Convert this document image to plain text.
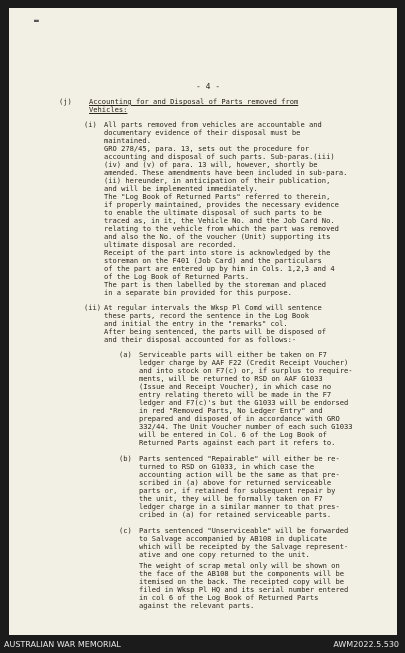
▬
- 4 -
(j) Accounting for and Disposal of Parts removed from
Vehicles:
(i) All parts removed from vehicles are accountable and
documentary evidence of their disposal must be
maintained.
GRO 278/45, para. 13, sets out the procedure for
accounting and disposal of such parts. Sub-paras.(iii)
(iv) and (v) of para. 13 will, however, shortly be
amended. These amendments have been included in sub-para.
(ii) hereunder, in anticipation of their publication,
and will be implemented immediately.
The "Log Book of Returned Parts" referred to therein,
if properly maintained, provides the necessary evidence
to enable the ultimate disposal of such parts to be
traced as, in it, the Vehicle No. and the Job Card No.
relating to the vehicle from which the part was removed
and also the No. of the voucher (Unit) supporting its
ultimate disposal are recorded.
Receipt of the part into store is acknowledged by the
storeman on the F401 (Job Card) and the particulars
of the part are entered up by him in Cols. 1,2,3 and 4
of the Log Book of Returned Parts.
The part is then labelled by the storeman and placed
in a separate bin provided for this purpose.
(ii) At regular intervals the Wksp Pl Comd will sentence
these parts, record the sentence in the Log Book
and initial the entry in the "remarks" col.
After being sentenced, the parts will be disposed of
and their disposal accounted for as follows:-
(a) Serviceable parts will either be taken on F7
ledger charge by AAF F22 (Credit Receipt Voucher)
and into stock on F7(c) or, if surplus to require-
ments, will be returned to RSD on AAF G1033
(Issue and Receipt Voucher), in which case no
entry relating thereto will be made in the F7
ledger and F7(c)'s but the G1033 will be endorsed
in red "Removed Parts, No Ledger Entry" and
prepared and disposed of in accordance with GRO
332/44. The Unit Voucher number of each such G1033
will be entered in Col. 6 of the Log Book of
Returned Parts against each part it refers to.
(b) Parts sentenced "Repairable" will either be re-
turned to RSD on G1033, in which case the
accounting action will be the same as that pre-
scribed in (a) above for returned serviceable
parts or, if retained for subsequent repair by
the unit, they will be formally taken on F7
ledger charge in a similar manner to that pres-
cribed in (a) for retained serviceable parts.
(c) Parts sentenced "Unserviceable" will be forwarded
to Salvage accompanied by AB108 in duplicate
which will be receipted by the Salvage represent-
ative and one copy returned to the unit.
The weight of scrap metal only will be shown on
the face of the AB108 but the components will be
itemised on the back. The receipted copy will be
filed in Wksp Pl HQ and its serial number entered
in col 6 of the Log Book of Returned Parts
against the relevant parts.
AUSTRALIAN WAR MEMORIAL	AWM2022.5.530
